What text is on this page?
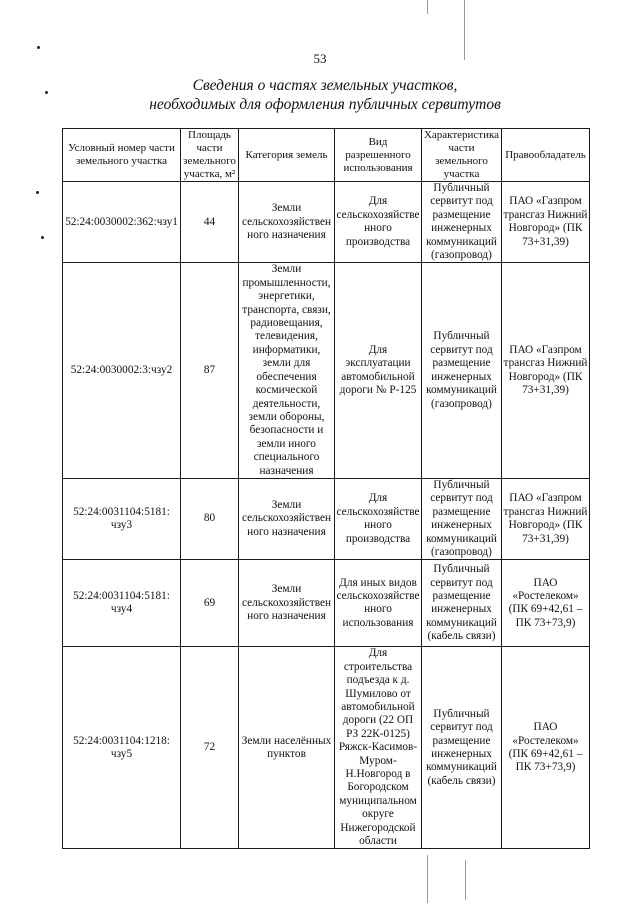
53
Сведения о частях земельных участков,
необходимых для оформления публичных сервитутов
Условный номер части земельного участка	Площадь части земельного участка, м²	Категория земель	Вид разрешенного использования	Характеристика части земельного участка	Правообладатель
52:24:0030002:362:чзу1	44	Земли сельскохозяйствен ного назначения	Для сельскохозяйстве нного производства	Публичный сервитут под размещение инженерных коммуникаций (газопровод)	ПАО «Газпром трансгаз Нижний Новгород» (ПК 73+31,39)
52:24:0030002:3:чзу2	87	Земли промышленности, энергетики, транспорта, связи, радиовещания, телевидения, информатики, земли для обеспечения космической деятельности, земли обороны, безопасности и земли иного специального назначения	Для эксплуатации автомобильной дороги № Р-125	Публичный сервитут под размещение инженерных коммуникаций (газопровод)	ПАО «Газпром трансгаз Нижний Новгород» (ПК 73+31,39)
52:24:0031104:5181: чзу3	80	Земли сельскохозяйствен ного назначения	Для сельскохозяйстве нного производства	Публичный сервитут под размещение инженерных коммуникаций (газопровод)	ПАО «Газпром трансгаз Нижний Новгород» (ПК 73+31,39)
52:24:0031104:5181: чзу4	69	Земли сельскохозяйствен ного назначения	Для иных видов сельскохозяйстве нного использования	Публичный сервитут под размещение инженерных коммуникаций (кабель связи)	ПАО «Ростелеком» (ПК 69+42,61 – ПК 73+73,9)
52:24:0031104:1218: чзу5	72	Земли населённых пунктов	Для строительства подъезда к д. Шумилово от автомобильной дороги (22 ОП РЗ 22К-0125) Ряжск-Касимов-Муром-Н.Новгород в Богородском муниципальном округе Нижегородской области	Публичный сервитут под размещение инженерных коммуникаций (кабель связи)	ПАО «Ростелеком» (ПК 69+42,61 – ПК 73+73,9)
